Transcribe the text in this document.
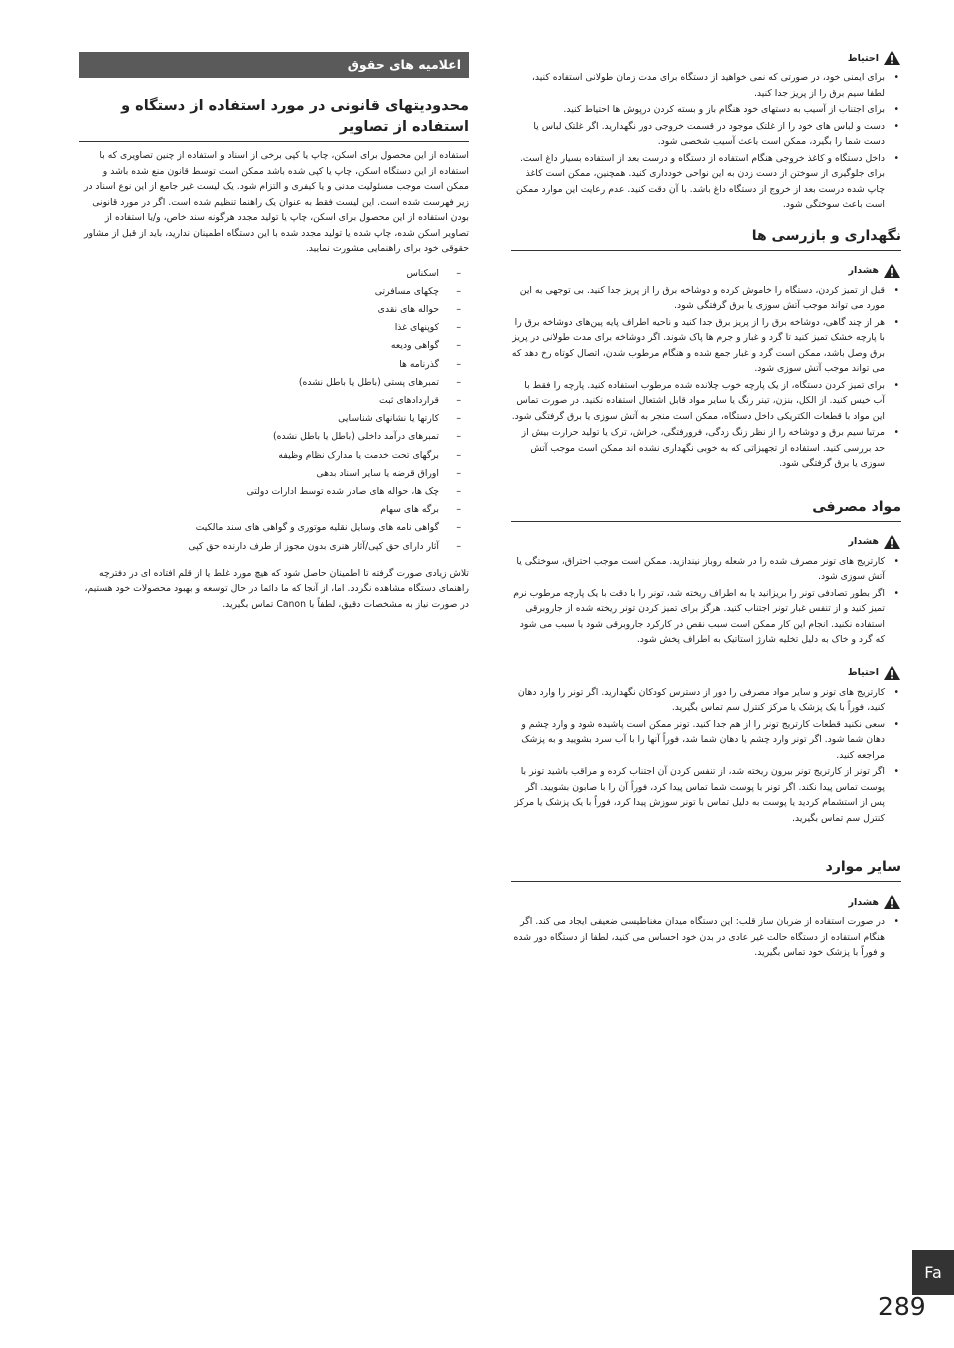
احتیاط
• برای ایمنی خود، در صورتی که نمی خواهید از دستگاه برای مدت زمان طولانی استفاده کنید، لطفا سیم برق را از پریز جدا کنید.
• برای اجتناب از آسیب به دستهای خود هنگام باز و بسته کردن درپوش ها احتیاط کنید.
• دست و لباس های خود را از غلتک موجود در قسمت خروجی دور نگهدارید. اگر غلتک لباس یا دست شما را بگیرد، ممکن است باعث آسیب شخصی شود.
• داخل دستگاه و کاغذ خروجی هنگام استفاده از دستگاه و درست بعد از استفاده بسیار داغ است. برای جلوگیری از سوختن از دست زدن به این نواحی خودداری کنید. همچنین، ممکن است کاغذ چاپ شده درست بعد از خروج از دستگاه داغ باشد. با آن دقت کنید. عدم رعایت این موارد ممکن است باعث سوختگی شود.
نگهداری و بازرسی ها
هشدار
• قبل از تمیز کردن، دستگاه را خاموش کرده و دوشاخه برق را از پریز جدا کنید. بی توجهی به این مورد می تواند موجب آتش سوزی یا برق گرفتگی شود.
• هر از چند گاهی، دوشاخه برق را از پریز برق جدا کنید و ناحیه اطراف پایه پین‌های دوشاخه برق را با پارچه خشک تمیز کنید تا گرد و غبار و جرم ها پاک شوند. اگر دوشاخه برای مدت طولانی در پریز برق وصل باشد، ممکن است گرد و غبار جمع شده و هنگام مرطوب شدن، اتصال کوتاه رخ دهد که می تواند موجب آتش سوزی شود.
• برای تمیز کردن دستگاه، از یک پارچه خوب چلانده شده مرطوب استفاده کنید. پارچه را فقط با آب خیس کنید. از الکل، بنزن، تینر رنگ یا سایر مواد قابل اشتعال استفاده نکنید. در صورت تماس این مواد با قطعات الکتریکی داخل دستگاه، ممکن است منجر به آتش سوزی یا برق گرفتگی شود.
• مرتبا سیم برق و دوشاخه را از نظر زنگ زدگی، فرورفتگی، خراش، ترک یا تولید حرارت بیش از حد بررسی کنید. استفاده از تجهیزاتی که به خوبی نگهداری نشده اند ممکن است موجب آتش سوزی یا برق گرفتگی شود.
مواد مصرفی
هشدار
• کارتریج های تونر مصرف شده را در شعله روباز نیندازید. ممکن است موجب احتراق، سوختگی یا آتش سوزی شود.
• اگر بطور تصادفی تونر را بریزانید یا به اطراف ریخته شد، تونر را با دقت با یک پارچه مرطوب نرم تمیز کنید و از تنفس غبار تونر اجتناب کنید. هرگز برای تمیز کردن تونر ریخته شده از جاروبرقی استفاده نکنید. انجام این کار ممکن است سبب نقص در کارکرد جاروبرقی شود یا سبب می شود که گرد و خاک به دلیل تخلیه شارژ استاتیک به اطراف پخش شود.
احتیاط
• کارتریج های تونر و سایر مواد مصرفی را دور از دسترس کودکان نگهدارید. اگر تونر را وارد دهان کنید، فوراً با یک پزشک یا مرکز کنترل سم تماس بگیرید.
• سعی نکنید قطعات کارتریج تونر را از هم جدا کنید. تونر ممکن است پاشیده شود و وارد چشم و دهان شما شود. اگر تونر وارد چشم یا دهان شما شد، فوراً آنها را با آب سرد بشویید و به پزشک مراجعه کنید.
• اگر تونر از کارتریج تونر بیرون ریخته شد، از تنفس کردن آن اجتناب کرده و مراقب باشید تونر با پوست تماس پیدا نکند. اگر تونر با پوست شما تماس پیدا کرد، فوراً آن را با صابون بشویید. اگر پس از استشمام کردید یا پوست به دلیل تماس با تونر سوزش پیدا کرد، فوراً با یک پزشک یا مرکز کنترل سم تماس بگیرید.
سایر موارد
هشدار
• در صورت استفاده از ضربان ساز قلب: این دستگاه میدان مغناطیسی ضعیفی ایجاد می کند. اگر هنگام استفاده از دستگاه حالت غیر عادی در بدن خود احساس می کنید، لطفا از دستگاه دور شده و فوراً با پزشک خود تماس بگیرید.
اعلامیه های حقوق
محدودیتهای قانونی در مورد استفاده از دستگاه و استفاده از تصاویر

استفاده از این محصول برای اسکن، چاپ یا کپی برخی از اسناد و استفاده از چنین تصاویری که با استفاده از این دستگاه اسکن، چاپ یا کپی شده باشد ممکن است توسط قانون منع شده باشد و ممکن است موجب مسئولیت مدنی و یا کیفری و التزام شود. یک لیست غیر جامع از این نوع اسناد در زیر فهرست شده است. این لیست فقط به عنوان یک راهنما تنظیم شده است. اگر در مورد قانونی بودن استفاده از این محصول برای اسکن، چاپ یا تولید مجدد هرگونه سند خاص، و/یا استفاده از تصاویر اسکن شده، چاپ شده یا تولید مجدد شده با این دستگاه اطمینان ندارید، باید از قبل از مشاور حقوقی خود برای راهنمایی مشورت نمایید.

– اسکناس
– چکهای مسافرتی
– حواله های نقدی
– کوپنهای غذا
– گواهی ودیعه
– گذرنامه ها
– تمبرهای پستی (باطل یا باطل نشده)
– قراردادهای ثبت
– کارتها یا نشانهای شناسایی
– تمبرهای درآمد داخلی (باطل یا باطل نشده)
– برگهای تحت خدمت یا مدارک نظام وظیفه
– اوراق قرضه یا سایر اسناد بدهی
– چک ها، حواله های صادر شده توسط ادارات دولتی
– برگه های سهام
– گواهی نامه های وسایل نقلیه موتوری و گواهی های سند مالکیت
– آثار دارای حق کپی/آثار هنری بدون مجوز از طرف دارنده حق کپی

تلاش زیادی صورت گرفته تا اطمینان حاصل شود که هیچ مورد غلط یا از قلم افتاده ای در دفترچه راهنمای دستگاه مشاهده نگردد. اما، از آنجا که ما دائما در حال توسعه و بهبود محصولات خود هستیم، در صورت نیاز به مشخصات دقیق، لطفاً با Canon تماس بگیرید.

Fa
289
